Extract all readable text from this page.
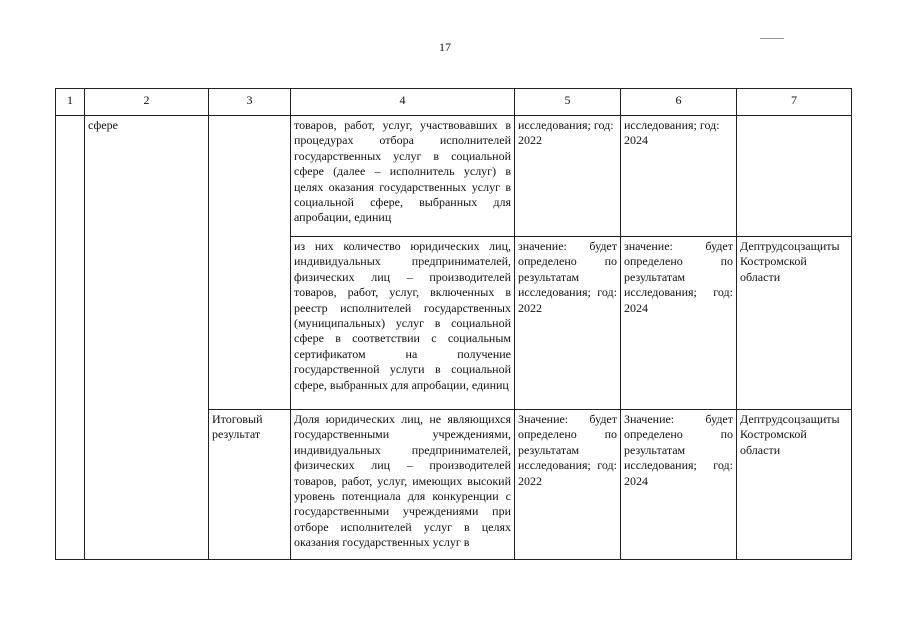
17
1	2	3	4	5	6	7
	сфере		товаров, работ, услуг, участвовавших в процедурах отбора исполнителей государственных услуг в социальной сфере (далее – исполнитель услуг) в целях оказания государственных услуг в социальной сфере, выбранных для апробации, единиц	исследования; год: 2022	исследования; год: 2024	
			из них количество юридических лиц, индивидуальных предпринимателей, физических лиц – производителей товаров, работ, услуг, включенных в реестр исполнителей государственных (муниципальных) услуг в социальной сфере в соответствии с социальным сертификатом на получение государственной услуги в социальной сфере, выбранных для апробации, единиц	значение: будет определено по результатам исследования; год: 2022	значение: будет определено по результатам исследования; год: 2024	Дептрудсоцзащиты Костромской области
		Итоговый результат	Доля юридических лиц, не являющихся государственными учреждениями, индивидуальных предпринимателей, физических лиц – производителей товаров, работ, услуг, имеющих высокий уровень потенциала для конкуренции с государственными учреждениями при отборе исполнителей услуг в целях оказания государственных услуг в	Значение: будет определено по результатам исследования; год: 2022	Значение: будет определено по результатам исследования; год: 2024	Дептрудсоцзащиты Костромской области
